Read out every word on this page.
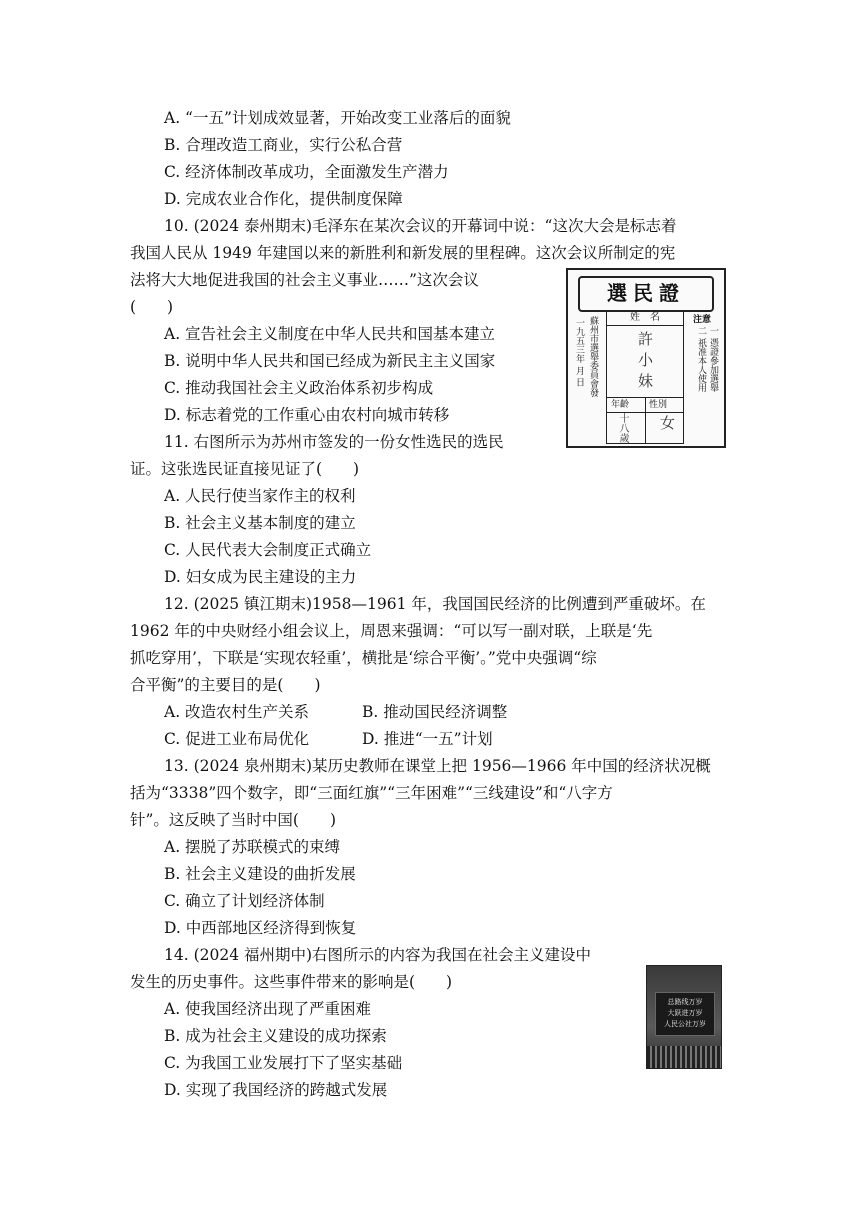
A. “一五”计划成效显著，开始改变工业落后的面貌
B. 合理改造工商业，实行公私合营
C. 经济体制改革成功，全面激发生产潜力
D. 完成农业合作化，提供制度保障
10. (2024 泰州期末)毛泽东在某次会议的开幕词中说：“这次大会是标志着
我国人民从 1949 年建国以来的新胜利和新发展的里程碑。这次会议所制定的宪
法将大大地促进我国的社会主义事业……”这次会议
(　　)
A. 宣告社会主义制度在中华人民共和国基本建立
B. 说明中华人民共和国已经成为新民主主义国家
C. 推动我国社会主义政治体系初步构成
D. 标志着党的工作重心由农村向城市转移
11. 右图所示为苏州市签发的一份女性选民的选民
证。这张选民证直接见证了(　　)
A. 人民行使当家作主的权利
B. 社会主义基本制度的建立
C. 人民代表大会制度正式确立
D. 妇女成为民主建设的主力
選民證
姓　名
許小妹
年齡 性別
十八歲 女
蘇州市選舉委員會發
一九五三年 月 日	注意
一 憑證參加選舉
二 祇准本人使用
12. (2025 镇江期末)1958—1961 年，我国国民经济的比例遭到严重破坏。在
1962 年的中央财经小组会议上，周恩来强调：“可以写一副对联，上联是‘先
抓吃穿用’，下联是‘实现农轻重’，横批是‘综合平衡’。”党中央强调“综
合平衡”的主要目的是(　　)
A. 改造农村生产关系	B. 推动国民经济调整
C. 促进工业布局优化	D. 推进“一五”计划
13. (2024 泉州期末)某历史教师在课堂上把 1956—1966 年中国的经济状况概
括为“3338”四个数字，即“三面红旗”“三年困难”“三线建设”和“八字方
针”。这反映了当时中国(　　)
A. 摆脱了苏联模式的束缚
B. 社会主义建设的曲折发展
C. 确立了计划经济体制
D. 中西部地区经济得到恢复
14. (2024 福州期中)右图所示的内容为我国在社会主义建设中
发生的历史事件。这些事件带来的影响是(　　)
A. 使我国经济出现了严重困难
B. 成为社会主义建设的成功探索
C. 为我国工业发展打下了坚实基础
D. 实现了我国经济的跨越式发展
总路线万岁
大跃进万岁
人民公社万岁
